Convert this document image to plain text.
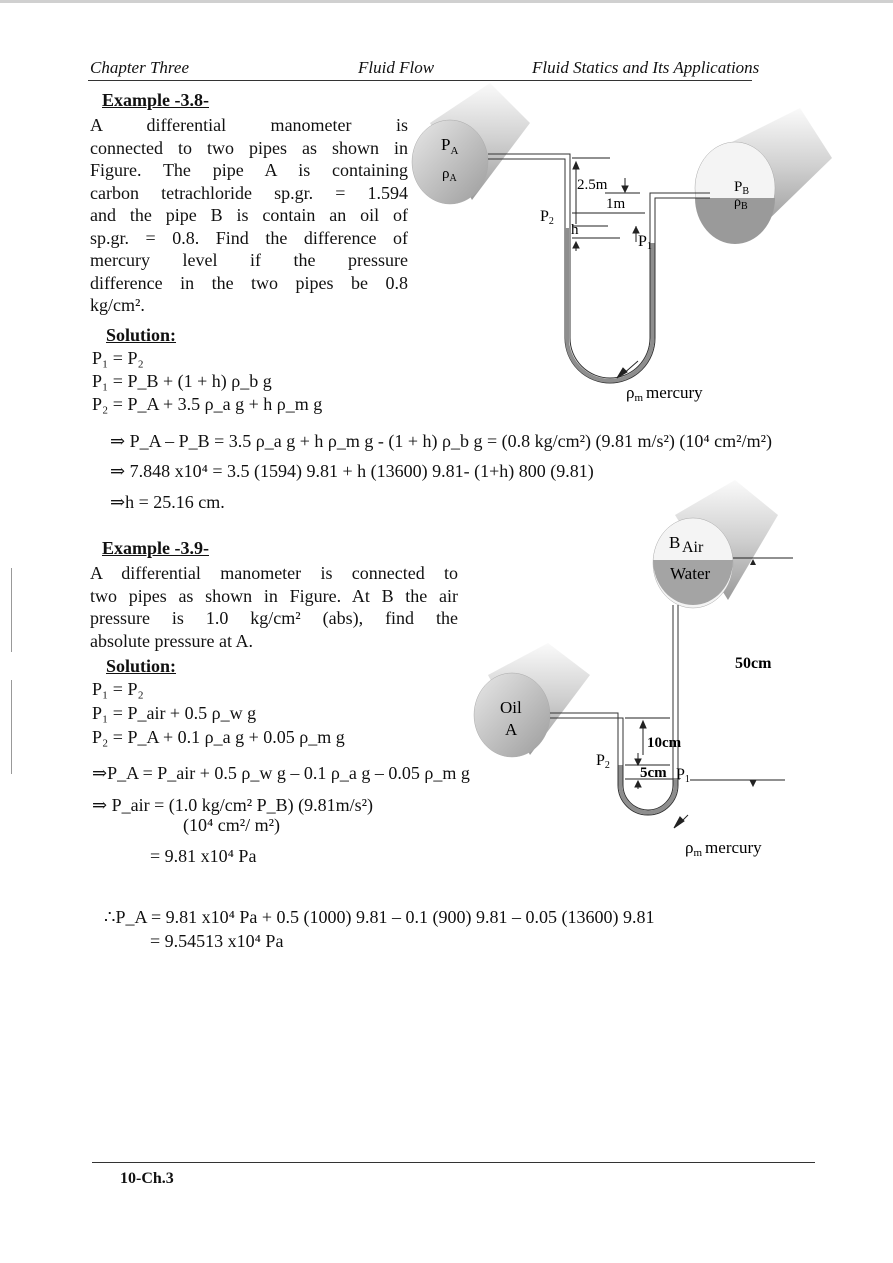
Chapter Three	Fluid Flow	Fluid Statics and Its Applications
Example -3.8-
A differential manometer is
connected to two pipes as shown in
Figure. The pipe A is containing
carbon tetrachloride sp.gr. = 1.594
and the pipe B is contain an oil of
sp.gr. = 0.8. Find the difference of
mercury level if the pressure
difference in the two pipes be 0.8
kg/cm².
Solution:
P₁ = P₂
P₁ = P_B + (1 + h) ρ_b g
P₂ = P_A + 3.5 ρ_a g + h ρ_m g
⇒ P_A – P_B = 3.5 ρ_a g + h ρ_m g - (1 + h) ρ_b g = (0.8 kg/cm²) (9.81 m/s²) (10⁴ cm²/m²)
⇒ 7.848 x10⁴ = 3.5 (1594) 9.81 + h (13600) 9.81- (1+h) 800 (9.81)
⇒h = 25.16 cm.
$P_A$
$\rho_A$
$P_B$
$\rho_B$
2.5m
1m
h
P2
P1
ρm mercury
Example -3.9-
A differential manometer is connected to
two pipes as shown in Figure. At B the air
pressure is 1.0 kg/cm² (abs), find the
absolute pressure at A.
Solution:
P₁ = P₂
P₁ = P_air + 0.5 ρ_w g
P₂ = P_A + 0.1 ρ_a g + 0.05 ρ_m g
⇒P_A = P_air + 0.5 ρ_w g – 0.1 ρ_a g – 0.05 ρ_m g
⇒ P_air = (1.0 kg/cm² P_B) (9.81m/s²)
(10⁴ cm²/ m²)
= 9.81 x10⁴ Pa
∴P_A = 9.81 x10⁴ Pa + 0.5 (1000) 9.81 – 0.1 (900) 9.81 – 0.05 (13600) 9.81
= 9.54513 x10⁴ Pa
B Air
Water
50cm
Oil
A
10cm
5cm
P2
P1
ρm mercury
10-Ch.3
